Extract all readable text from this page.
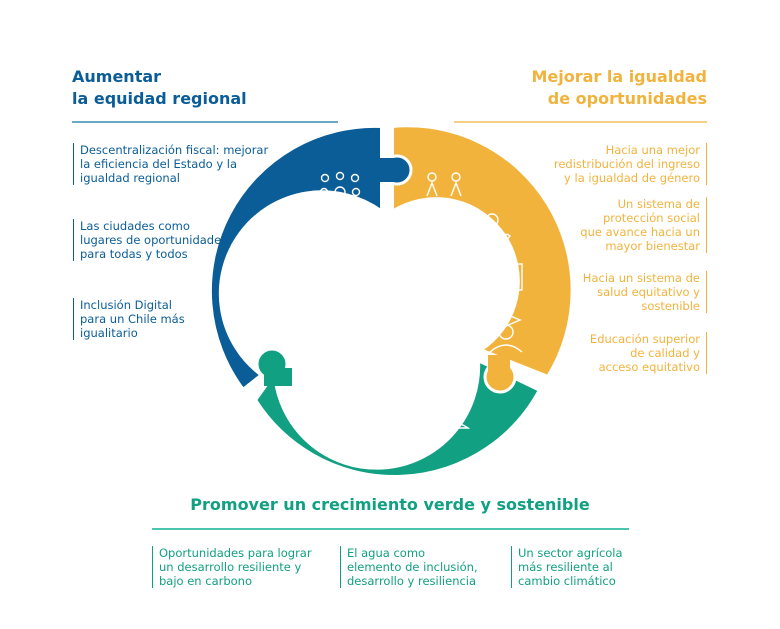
Aumentar
la equidad regional
Descentralización fiscal: mejorar
la eficiencia del Estado y la
igualdad regional
Las ciudades como
lugares de oportunidades
para todas y todos
Inclusión Digital
para un Chile más
igualitario
Mejorar la igualdad
de oportunidades
Hacia una mejor
redistribución del ingreso
y la igualdad de género
Un sistema de
protección social
que avance hacia un
mayor bienestar
Hacia un sistema de
salud equitativo y
sostenible
Educación superior
de calidad y
acceso equitativo
Promover un crecimiento verde y sostenible
Oportunidades para lograr
un desarrollo resiliente y
bajo en carbono
El agua como
elemento de inclusión,
desarrollo y resiliencia
Un sector agrícola
más resiliente al
cambio climático
